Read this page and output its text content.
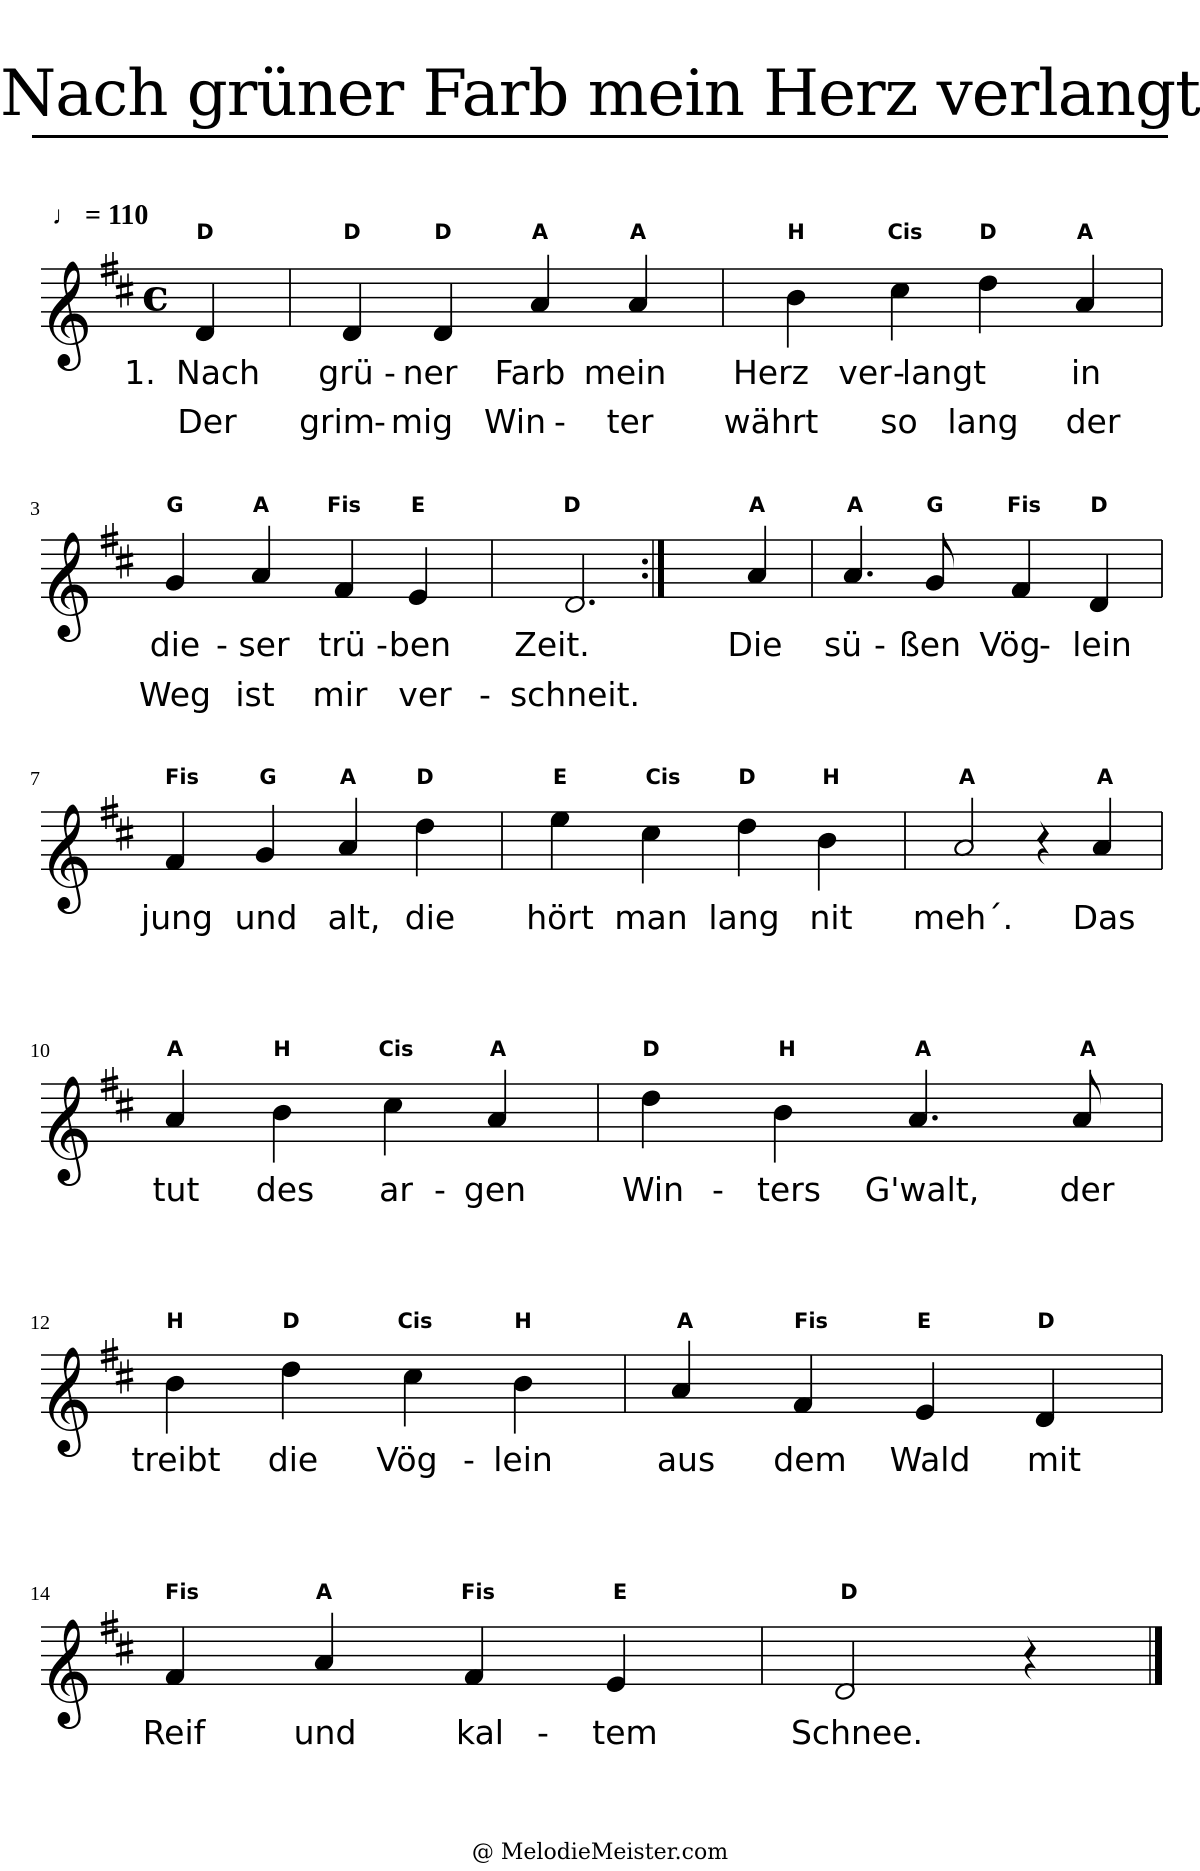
Nach grüner Farb mein Herz verlangt
♩ = 110
D	D	D	A	A	H	Cis	D	A
1. Nach grü - ner Farb mein Herz ver -
langt	in
Der grim - mig Win - ter währt so lang der
𝄞 c
3	G	A	Fis E	D	A	A	G	Fis D
die - ser trü - ben Zeit.	Die sü - ßen Vög
- lein
Weg ist mir ver - schneit.
𝄞
7	Fis	G	A	D	E	Cis	D	H	A	A
jung und alt, die hört man lang nit meh´. Das
𝄞
10	A	H	Cis	A	D	H	A	A
tut des ar - gen	Win - ters G'walt, der
𝄞
12	H	D	Cis	H	A	Fis	E	D
treibt die Vög - lein	aus dem Wald mit
𝄞
14	Fis	A	Fis	E	D
Reif	und	kal - tem	Schnee.
𝄞
@ MelodieMeister.com
